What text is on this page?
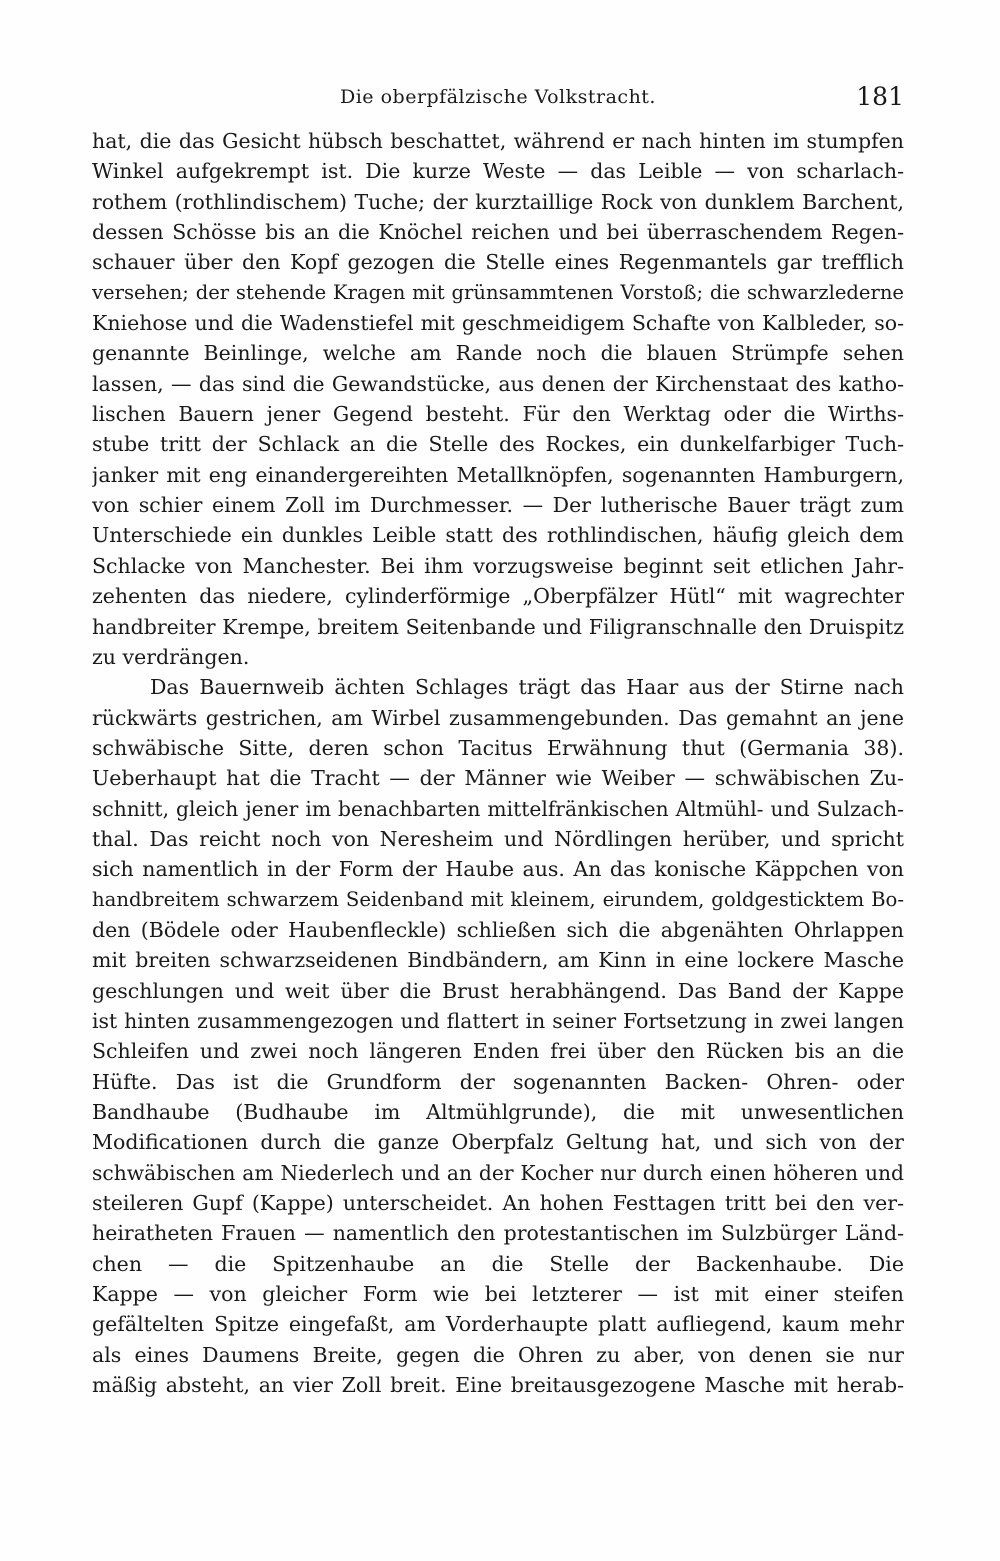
Die oberpfälzische Volkstracht.	181
hat, die das Gesicht hübsch beschattet, während er nach hinten im stumpfen
Winkel aufgekrempt ist. Die kurze Weste — das Leible — von scharlach-
rothem (rothlindischem) Tuche; der kurztaillige Rock von dunklem Barchent,
dessen Schösse bis an die Knöchel reichen und bei überraschendem Regen-
schauer über den Kopf gezogen die Stelle eines Regenmantels gar trefflich
versehen; der stehende Kragen mit grünsammtenen Vorstoß; die schwarzlederne
Kniehose und die Wadenstiefel mit geschmeidigem Schafte von Kalbleder, so-
genannte Beinlinge, welche am Rande noch die blauen Strümpfe sehen
lassen, — das sind die Gewandstücke, aus denen der Kirchenstaat des katho-
lischen Bauern jener Gegend besteht. Für den Werktag oder die Wirths-
stube tritt der Schlack an die Stelle des Rockes, ein dunkelfarbiger Tuch-
janker mit eng einandergereihten Metallknöpfen, sogenannten Hamburgern,
von schier einem Zoll im Durchmesser. — Der lutherische Bauer trägt zum
Unterschiede ein dunkles Leible statt des rothlindischen, häufig gleich dem
Schlacke von Manchester. Bei ihm vorzugsweise beginnt seit etlichen Jahr-
zehenten das niedere, cylinderförmige „Oberpfälzer Hütl“ mit wagrechter
handbreiter Krempe, breitem Seitenbande und Filigranschnalle den Druispitz
zu verdrängen.
Das Bauernweib ächten Schlages trägt das Haar aus der Stirne nach
rückwärts gestrichen, am Wirbel zusammengebunden. Das gemahnt an jene
schwäbische Sitte, deren schon Tacitus Erwähnung thut (Germania 38).
Ueberhaupt hat die Tracht — der Männer wie Weiber — schwäbischen Zu-
schnitt, gleich jener im benachbarten mittelfränkischen Altmühl- und Sulzach-
thal. Das reicht noch von Neresheim und Nördlingen herüber, und spricht
sich namentlich in der Form der Haube aus. An das konische Käppchen von
handbreitem schwarzem Seidenband mit kleinem, eirundem, goldgesticktem Bo-
den (Bödele oder Haubenfleckle) schließen sich die abgenähten Ohrlappen
mit breiten schwarzseidenen Bindbändern, am Kinn in eine lockere Masche
geschlungen und weit über die Brust herabhängend. Das Band der Kappe
ist hinten zusammengezogen und flattert in seiner Fortsetzung in zwei langen
Schleifen und zwei noch längeren Enden frei über den Rücken bis an die
Hüfte. Das ist die Grundform der sogenannten Backen- Ohren- oder
Bandhaube (Budhaube im Altmühlgrunde), die mit unwesentlichen
Modificationen durch die ganze Oberpfalz Geltung hat, und sich von der
schwäbischen am Niederlech und an der Kocher nur durch einen höheren und
steileren Gupf (Kappe) unterscheidet. An hohen Festtagen tritt bei den ver-
heiratheten Frauen — namentlich den protestantischen im Sulzbürger Länd-
chen — die Spitzenhaube an die Stelle der Backenhaube. Die
Kappe — von gleicher Form wie bei letzterer — ist mit einer steifen
gefältelten Spitze eingefaßt, am Vorderhaupte platt aufliegend, kaum mehr
als eines Daumens Breite, gegen die Ohren zu aber, von denen sie nur
mäßig absteht, an vier Zoll breit. Eine breitausgezogene Masche mit herab-
